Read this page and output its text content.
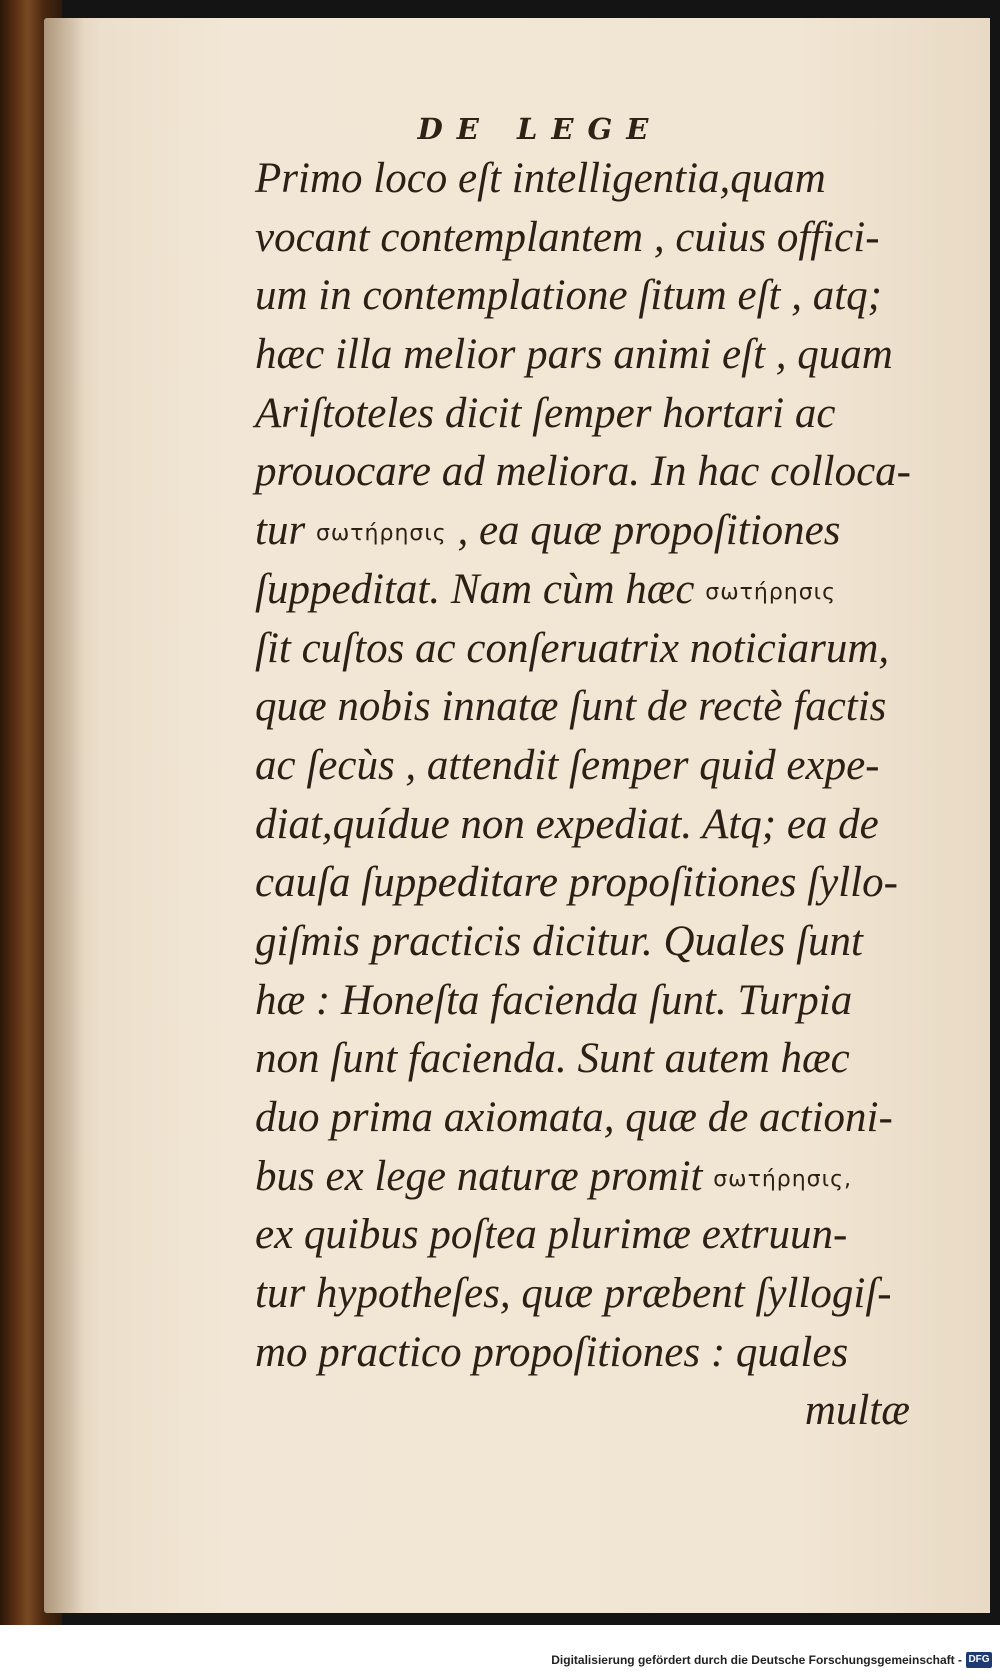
DE LEGE
Primo loco eſt intelligentia,quam
vocant contemplantem , cuius offici-
um in contemplatione ſitum eſt , atq;
hæc illa melior pars animi eſt , quam
Ariſtoteles dicit ſemper hortari ac
prouocare ad meliora. In hac colloca-
tur σωτήρησις , ea quæ propoſitiones
ſuppeditat. Nam cùm hæc σωτήρησις
ſit cuſtos ac conſeruatrix noticiarum,
quæ nobis innatæ ſunt de rectè factis
ac ſecùs , attendit ſemper quid expe-
diat,quídue non expediat. Atq; ea de
cauſa ſuppeditare propoſitiones ſyllo-
giſmis practicis dicitur. Quales ſunt
hæ : Honeſta facienda ſunt. Turpia
non ſunt facienda. Sunt autem hæc
duo prima axiomata, quæ de actioni-
bus ex lege naturæ promit σωτήρησις,
ex quibus poſtea plurimæ extruun-
tur hypotheſes, quæ præbent ſyllogiſ-
mo practico propoſitiones : quales
multæ
Digitalisierung gefördert durch die Deutsche Forschungsgemeinschaft - DFG
